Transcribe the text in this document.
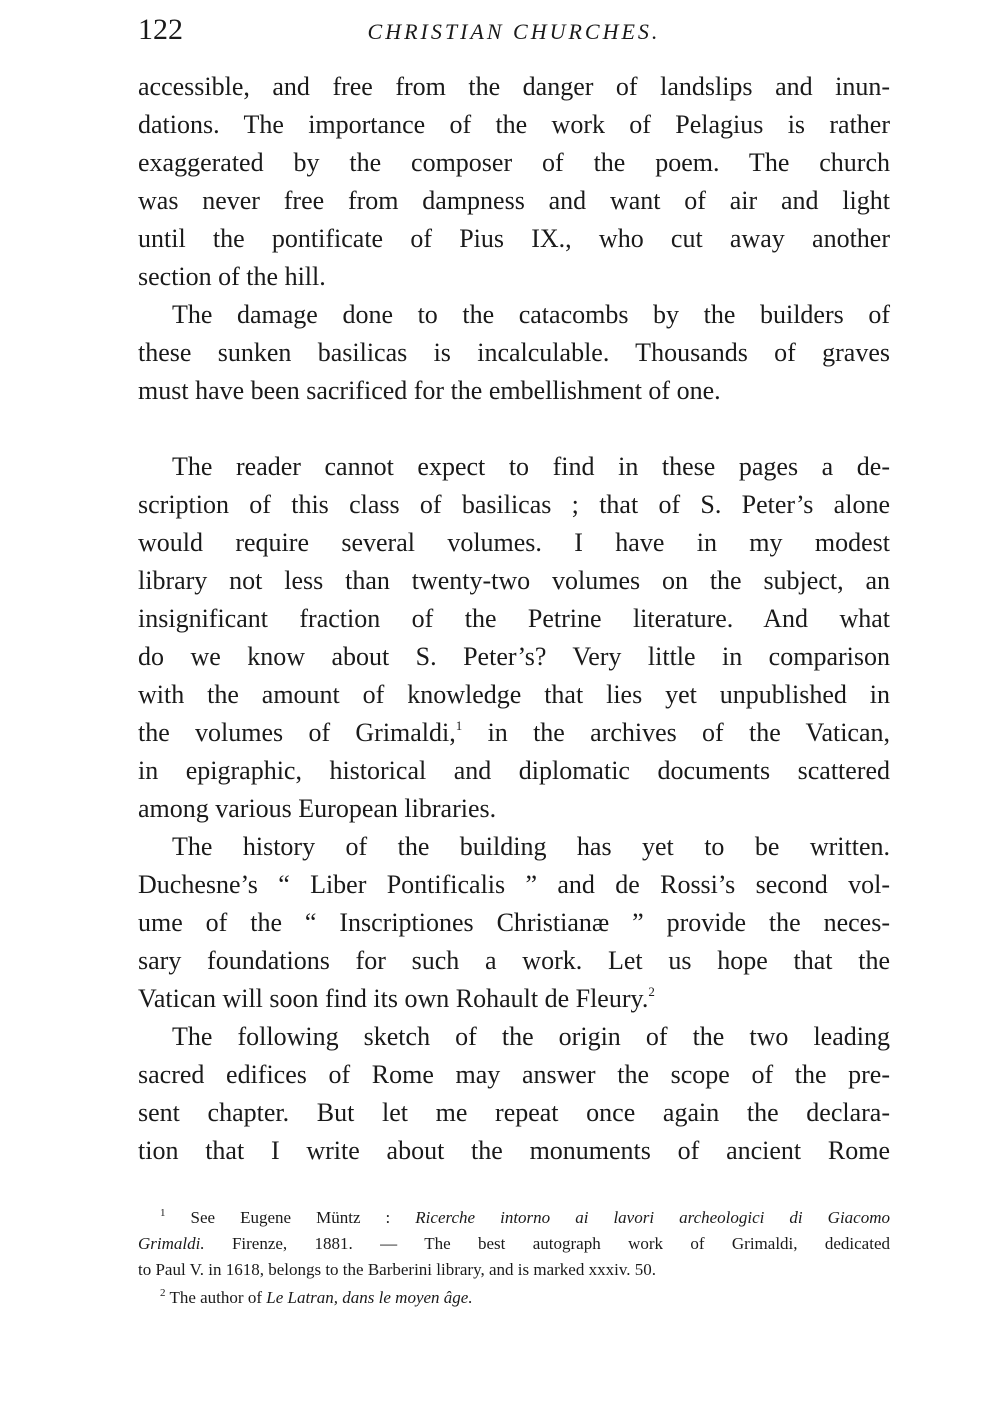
122	CHRISTIAN CHURCHES.
accessible, and free from the danger of landslips and inun-
dations. The importance of the work of Pelagius is rather
exaggerated by the composer of the poem. The church
was never free from dampness and want of air and light
until the pontificate of Pius IX., who cut away another
section of the hill.
The damage done to the catacombs by the builders of
these sunken basilicas is incalculable. Thousands of graves
must have been sacrificed for the embellishment of one.
The reader cannot expect to find in these pages a de-
scription of this class of basilicas ; that of S. Peter’s alone
would require several volumes. I have in my modest
library not less than twenty-two volumes on the subject, an
insignificant fraction of the Petrine literature. And what
do we know about S. Peter’s? Very little in comparison
with the amount of knowledge that lies yet unpublished in
the volumes of Grimaldi,$^1$ in the archives of the Vatican,
in epigraphic, historical and diplomatic documents scattered
among various European libraries.
The history of the building has yet to be written.
Duchesne’s “ Liber Pontificalis ” and de Rossi’s second vol-
ume of the “ Inscriptiones Christianæ ” provide the neces-
sary foundations for such a work. Let us hope that the
Vatican will soon find its own Rohault de Fleury.$^2$
The following sketch of the origin of the two leading
sacred edifices of Rome may answer the scope of the pre-
sent chapter. But let me repeat once again the declara-
tion that I write about the monuments of ancient Rome
$^1$ See Eugene Müntz : Ricerche intorno ai lavori archeologici di Giacomo
Grimaldi. Firenze, 1881. — The best autograph work of Grimaldi, dedicated
to Paul V. in 1618, belongs to the Barberini library, and is marked xxxiv. 50.
$^2$ The author of Le Latran, dans le moyen âge.
